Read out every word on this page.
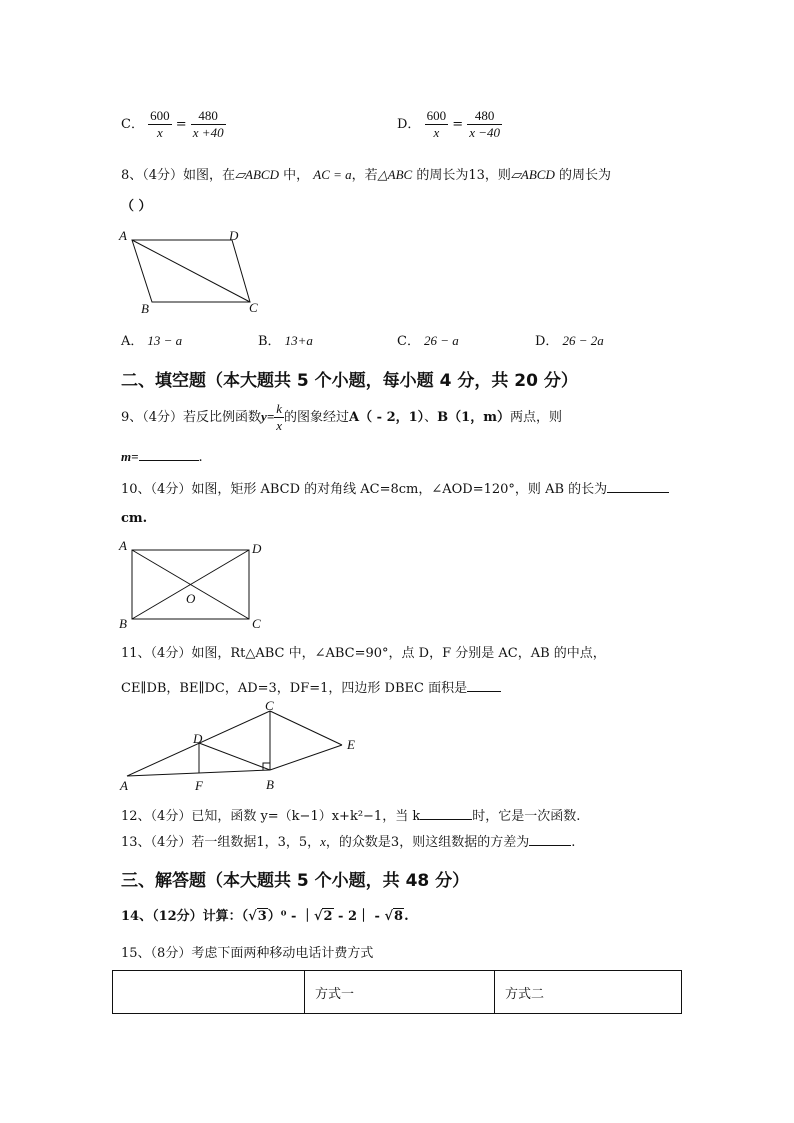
C． $\frac{600}{x} = \frac{480}{x +40}$	D． $\frac{600}{x} = \frac{480}{x -40}$
8、（4分）如图，在▱ABCD 中， AC = a，若△ABC 的周长为13，则▱ABCD 的周长为
（ ）
A	D
B	C
A． 13 − a	B． 13+a	C． 26 − a	D． 26 − 2a
二、填空题（本大题共 5 个小题，每小题 4 分，共 20 分）
9、（4分）若反比例函数$y= \frac{k}{x}$ 的图象经过A（ - 2，1）、B（1，m）两点，则
m=	.
10、（4分）如图，矩形 ABCD 的对角线 AC=8cm，∠AOD=120°，则 AB 的长为
cm.
A	D
B	C
O
11、（4分）如图，Rt△ABC 中，∠ABC=90°，点 D，F 分别是 AC，AB 的中点，
CE∥DB，BE∥DC，AD=3，DF=1，四边形 DBEC 面积是
A	B
C
D	E
F
12、（4分）已知，函数 y=（k−1）x+k²−1，当 k	时，它是一次函数.
13、（4分）若一组数据1，3，5，x，的众数是3，则这组数据的方差为	.
三、解答题（本大题共 5 个小题，共 48 分）
14、（12分）计算：（√3）⁰ - ｜√2 - 2｜ - √8.
15、（8分）考虑下面两种移动电话计费方式
	方式一	方式二
